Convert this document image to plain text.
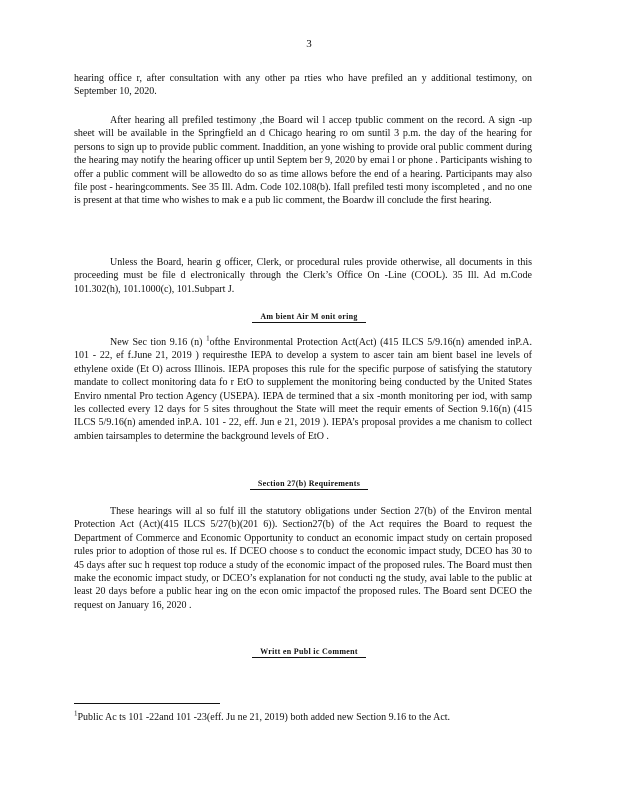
3

hearing office r, after consultation with any other pa rties who have prefiled an y additional testimony, on September 10, 2020.

After hearing all prefiled testimony ,the Board wil l accep tpublic comment on the record. A sign -up sheet will be available in the Springfield an d Chicago hearing ro om suntil 3 p.m. the day of the hearing for persons to sign up to provide public comment. Inaddition, an yone wishing to provide oral public comment during the hearing may notify the hearing officer up until Septem ber 9, 2020 by emai l or phone . Participants wishing to offer a public comment will be allowedto do so as time allows before the end of a hearing. Participants may also file post - hearingcomments. See 35 Ill. Adm. Code 102.108(b). Ifall prefiled testi mony iscompleted , and no one is present at that time who wishes to mak e a pub lic comment, the Boardw ill conclude the first hearing.

Unless the Board, hearin g officer, Clerk, or procedural rules provide otherwise, all documents in this proceeding must be file d electronically through the Clerk’s Office On -Line (COOL). 35 Ill. Ad m.Code 101.302(h), 101.1000(c), 101.Subpart J.

Am bient Air M onit oring

New Sec tion 9.16 (n) $^1$ofthe Environmental Protection Act(Act) (415 ILCS 5/9.16(n) amended inP.A. 101 - 22, ef f.June 21, 2019 ) requiresthe IEPA to develop a system to ascer tain am bient basel ine levels of ethylene oxide (Et O) across Illinois. IEPA proposes this rule for the specific purpose of satisfying the statutory mandate to collect monitoring data fo r EtO to supplement the monitoring being conducted by the United States Enviro nmental Pro tection Agency (USEPA). IEPA de termined that a six -month monitoring per iod, with samp les collected every 12 days for 5 sites throughout the State will meet the requir ements of Section 9.16(n) (415 ILCS 5/9.16(n) amended inP.A. 101 - 22, eff. Jun e 21, 2019 ). IEPA’s proposal provides a me chanism to collect ambien tairsamples to determine the background levels of EtO .

Section 27(b) Requirements

These hearings will al so fulf ill the statutory obligations under Section 27(b) of the Environ mental Protection Act (Act)(415 ILCS 5/27(b)(201 6)). Section27(b) of the Act requires the Board to request the Department of Commerce and Economic Opportunity to conduct an economic impact study on certain proposed rules prior to adoption of those rul es. If DCEO choose s to conduct the economic impact study, DCEO has 30 to 45 days after suc h request top roduce a study of the economic impact of the proposed rules. The Board must then make the economic impact study, or DCEO’s explanation for not conducti ng the study, avai lable to the public at least 20 days before a public hear ing on the econ omic impactof the proposed rules. The Board sent DCEO the request on January 16, 2020 .

Writt en Publ ic Comment
$^1$Public Ac ts 101 -22and 101 -23(eff. Ju ne 21, 2019) both added new Section 9.16 to the Act.
